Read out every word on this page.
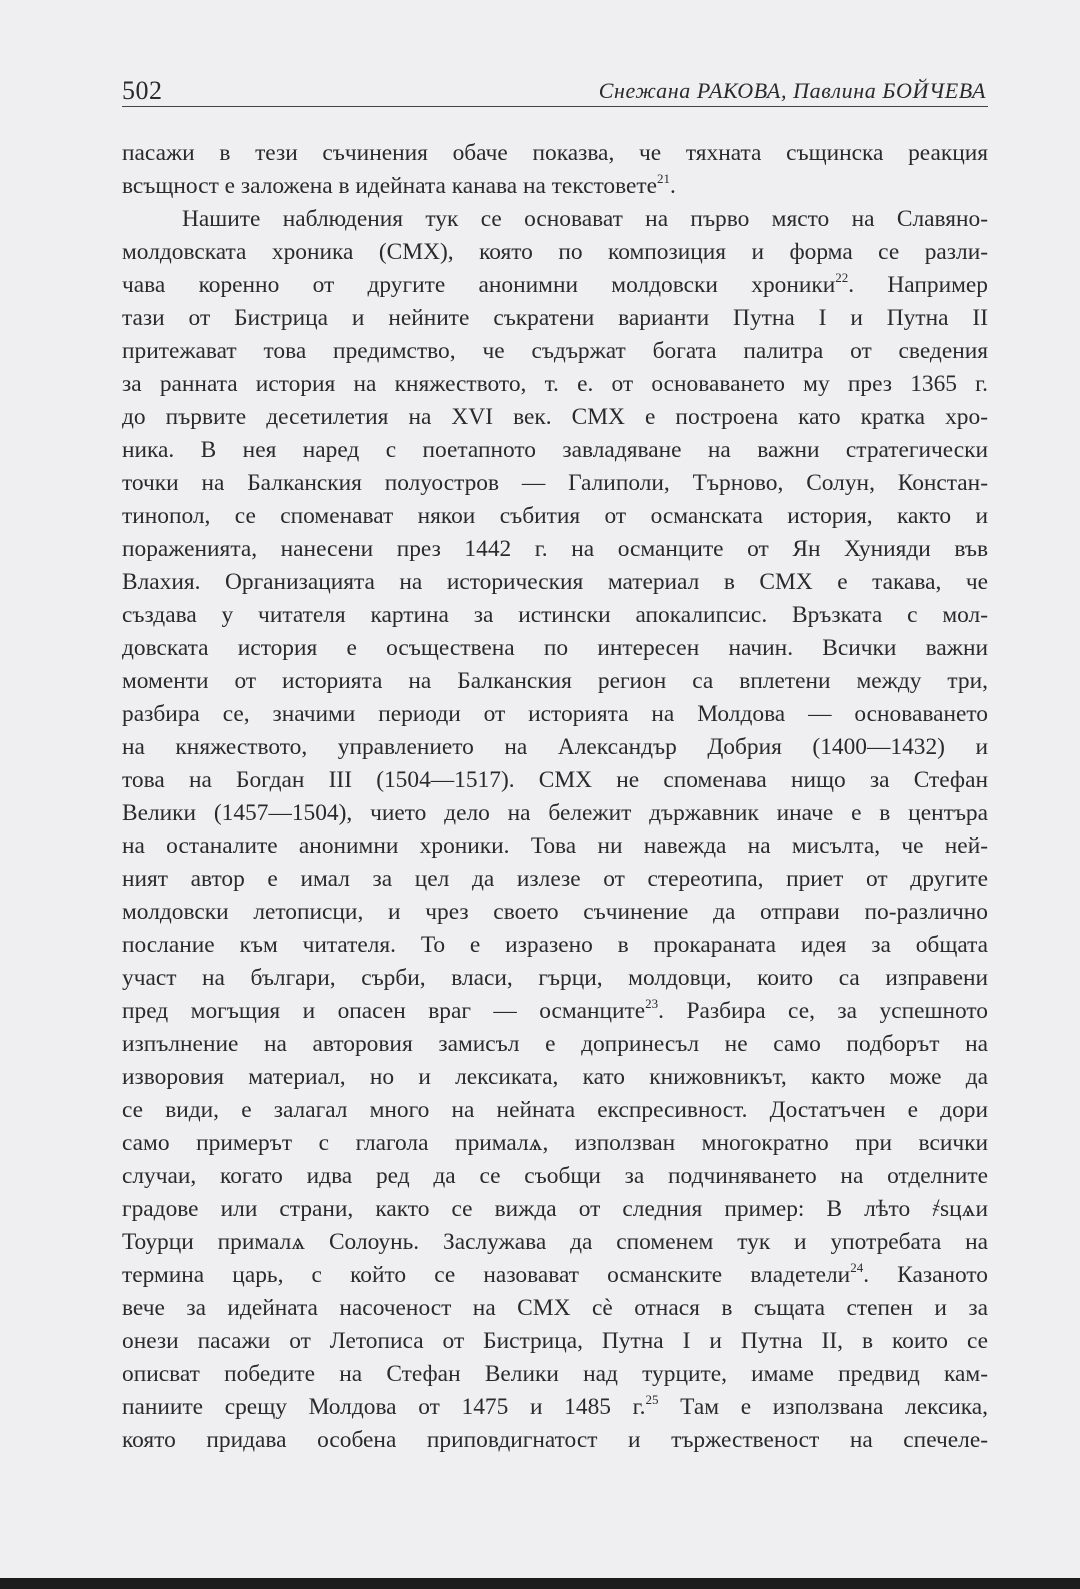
502	Снежана РАКОВА, Павлина БОЙЧЕВА
пасажи в тези съчинения обаче показва, че тяхната същинска реакция
всъщност е заложена в идейната канава на текстовете$^{21}$.
Нашите наблюдения тук се основават на първо място на Славяно-
молдовската хроника (СМХ), която по композиция и форма се разли-
чава коренно от другите анонимни молдовски хроники$^{22}$. Например
тази от Бистрица и нейните съкратени варианти Путна I и Путна II
притежават това предимство, че съдържат богата палитра от сведения
за ранната история на княжеството, т. е. от основаването му през 1365 г.
до първите десетилетия на XVI век. СМХ е построена като кратка хро-
ника. В нея наред с поетапното завладяване на важни стратегически
точки на Балканския полуостров — Галиполи, Търново, Солун, Констан-
тинопол, се споменават някои събития от османската история, както и
пораженията, нанесени през 1442 г. на османците от Ян Хунияди във
Влахия. Организацията на историческия материал в СМХ е такава, че
създава у читателя картина за истински апокалипсис. Връзката с мол-
довската история е осъществена по интересен начин. Всички важни
моменти от историята на Балканския регион са вплетени между три,
разбира се, значими периоди от историята на Молдова — основаването
на княжеството, управлението на Александър Добрия (1400—1432) и
това на Богдан III (1504—1517). СМХ не споменава нищо за Стефан
Велики (1457—1504), чието дело на бележит държавник иначе е в центъра
на останалите анонимни хроники. Това ни навежда на мисълта, че ней-
ният автор е имал за цел да излезе от стереотипа, приет от другите
молдовски летописци, и чрез своето съчинение да отправи по-различно
послание към читателя. То е изразено в прокараната идея за общата
участ на българи, сърби, власи, гърци, молдовци, които са изправени
пред могъщия и опасен враг — османците$^{23}$. Разбира се, за успешното
изпълнение на авторовия замисъл е допринесъл не само подборът на
изворовия материал, но и лексиката, като книжовникът, както може да
се види, е залагал много на нейната експресивност. Достатъчен е дори
само примерът с глагола прималѧ, използван многократно при всички
случаи, когато идва ред да се съобщи за подчиняването на отделните
градове или страни, както се вижда от следния пример: В лѣто ҂ѕцѧи
Тоурци прималѧ Солоунь. Заслужава да споменем тук и употребата на
термина царь, с който се назовават османските владетели$^{24}$. Казаното
вече за идейната насоченост на СМХ сѐ отнася в същата степен и за
онези пасажи от Летописа от Бистрица, Путна I и Путна II, в които се
описват победите на Стефан Велики над турците, имаме предвид кам-
паниите срещу Молдова от 1475 и 1485 г.$^{25}$ Там е използвана лексика,
която придава особена приповдигнатост и тържественост на спечеле-
